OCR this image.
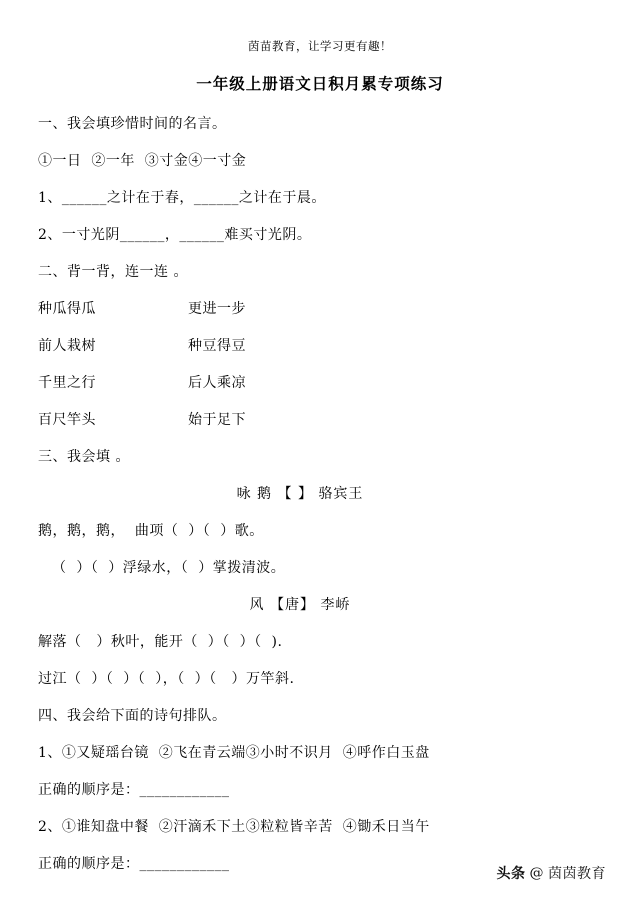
茵苗教育，让学习更有趣！
一年级上册语文日积月累专项练习
一、我会填珍惜时间的名言。
①一日  ②一年  ③寸金④一寸金
1、______之计在于春，______之计在于晨。
2、一寸光阴______，______难买寸光阴。
二、背一背，连一连 。
种瓜得瓜	更进一步
前人栽树	种豆得豆
千里之行	后人乘凉
百尺竿头	始于足下
三、我会填 。
咏 鹅 【 】 骆宾王
鹅，鹅，鹅，  曲项（  ）（  ）歌。
（  ）（  ）浮绿水，（  ）掌拨清波。
风 【唐】 李峤
解落（   ）秋叶，能开（  ）（  ）（  ).
过江（  ）（  ）（  ），（  ）（   ）万竿斜.
四、我会给下面的诗句排队。
1、①又疑瑶台镜  ②飞在青云端③小时不识月  ④呼作白玉盘
正确的顺序是：____________
2、①谁知盘中餐  ②汗滴禾下土③粒粒皆辛苦  ④锄禾日当午
正确的顺序是：____________
头条 @ 茵茵教育
